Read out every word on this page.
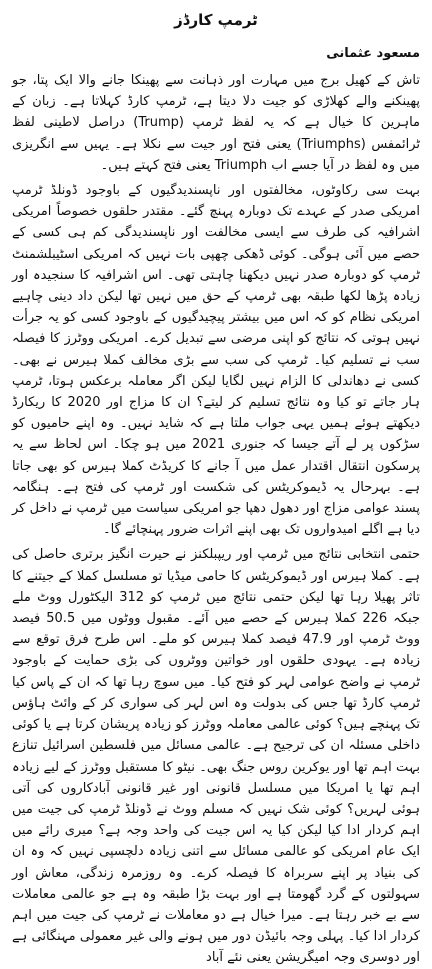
ٹرمپ کارڈز
مسعود عثمانی

تاش کے کھیل برج میں مہارت اور ذہانت سے پھینکا جانے والا ایک پتا، جو پھینکنے والے کھلاڑی کو جیت دلا دیتا ہے، ٹرمپ کارڈ کہلاتا ہے۔ زبان کے ماہرین کا خیال ہے کہ یہ لفظ ٹرمپ (Trump) دراصل لاطینی لفظ ٹرائمفس (Triumphs) یعنی فتح اور جیت سے نکلا ہے۔ یہیں سے انگریزی میں وہ لفظ در آیا جسے اب Triumph یعنی فتح کہتے ہیں۔

بہت سی رکاوٹوں، مخالفتوں اور ناپسندیدگیوں کے باوجود ڈونلڈ ٹرمپ امریکی صدر کے عہدے تک دوبارہ پہنچ گئے۔ مقتدر حلقوں خصوصاً امریکی اشرافیہ کی طرف سے ایسی مخالفت اور ناپسندیدگی کم ہی کسی کے حصے میں آئی ہوگی۔ کوئی ڈھکی چھپی بات نہیں کہ امریکی اسٹیبلشمنٹ ٹرمپ کو دوبارہ صدر نہیں دیکھنا چاہتی تھی۔ اس اشرافیہ کا سنجیدہ اور زیادہ پڑھا لکھا طبقہ بھی ٹرمپ کے حق میں نہیں تھا لیکن داد دینی چاہیے امریکی نظام کو کہ اس میں بیشتر پیچیدگیوں کے باوجود کسی کو یہ جرأت نہیں ہوتی کہ نتائج کو اپنی مرضی سے تبدیل کرے۔ امریکی ووٹرز کا فیصلہ سب نے تسلیم کیا۔ ٹرمپ کی سب سے بڑی مخالف کملا ہیرس نے بھی۔ کسی نے دھاندلی کا الزام نہیں لگایا لیکن اگر معاملہ برعکس ہوتا، ٹرمپ ہار جاتے تو کیا وہ نتائج تسلیم کر لیتے؟ ان کا مزاج اور 2020 کا ریکارڈ دیکھتے ہوئے ہمیں یہی جواب ملتا ہے کہ شاید نہیں۔ وہ اپنے حامیوں کو سڑکوں پر لے آتے جیسا کہ جنوری 2021 میں ہو چکا۔ اس لحاظ سے یہ پرسکون انتقال اقتدار عمل میں آ جانے کا کریڈٹ کملا ہیرس کو بھی جاتا ہے۔ بہرحال یہ ڈیموکریٹس کی شکست اور ٹرمپ کی فتح ہے۔ ہنگامہ پسند عوامی مزاج اور دھول دھپا جو امریکی سیاست میں ٹرمپ نے داخل کر دیا ہے اگلے امیدواروں تک بھی اپنے اثرات ضرور پہنچائے گا۔

حتمی انتخابی نتائج میں ٹرمپ اور ریپبلکنز نے حیرت انگیز برتری حاصل کی ہے۔ کملا ہیرس اور ڈیموکریٹس کا حامی میڈیا تو مسلسل کملا کے جیتنے کا تاثر پھیلا رہا تھا لیکن حتمی نتائج میں ٹرمپ کو 312 الیکٹورل ووٹ ملے جبکہ 226 کملا ہیرس کے حصے میں آئے۔ مقبول ووٹوں میں 50.5 فیصد ووٹ ٹرمپ اور 47.9 فیصد کملا ہیرس کو ملے۔ اس طرح فرق توقع سے زیادہ ہے۔ یہودی حلقوں اور خواتین ووٹروں کی بڑی حمایت کے باوجود ٹرمپ نے واضح عوامی لہر کو فتح کیا۔ میں سوچ رہا تھا کہ ان کے پاس کیا ٹرمپ کارڈ تھا جس کی بدولت وہ اس لہر کی سواری کر کے وائٹ ہاؤس تک پہنچے ہیں؟ کوئی عالمی معاملہ ووٹرز کو زیادہ پریشان کرتا ہے یا کوئی داخلی مسئلہ ان کی ترجیح ہے۔ عالمی مسائل میں فلسطین اسرائیل تنازع بہت اہم تھا اور یوکرین روس جنگ بھی۔ نیٹو کا مستقبل ووٹرز کے لیے زیادہ اہم تھا یا امریکا میں مسلسل قانونی اور غیر قانونی آبادکاروں کی آتی ہوئی لہریں؟ کوئی شک نہیں کہ مسلم ووٹ نے ڈونلڈ ٹرمپ کی جیت میں اہم کردار ادا کیا لیکن کیا یہ اس جیت کی واحد وجہ ہے؟ میری رائے میں ایک عام امریکی کو عالمی مسائل سے اتنی زیادہ دلچسپی نہیں کہ وہ ان کی بنیاد پر اپنے سربراہ کا فیصلہ کرے۔ وہ روزمرہ زندگی، معاش اور سہولتوں کے گرد گھومتا ہے اور بہت بڑا طبقہ وہ ہے جو عالمی معاملات سے بے خبر رہتا ہے۔ میرا خیال ہے دو معاملات نے ٹرمپ کی جیت میں اہم کردار ادا کیا۔ پہلی وجہ بائیڈن دور میں ہونے والی غیر معمولی مہنگائی ہے اور دوسری وجہ امیگریشن یعنی نئے آباد
